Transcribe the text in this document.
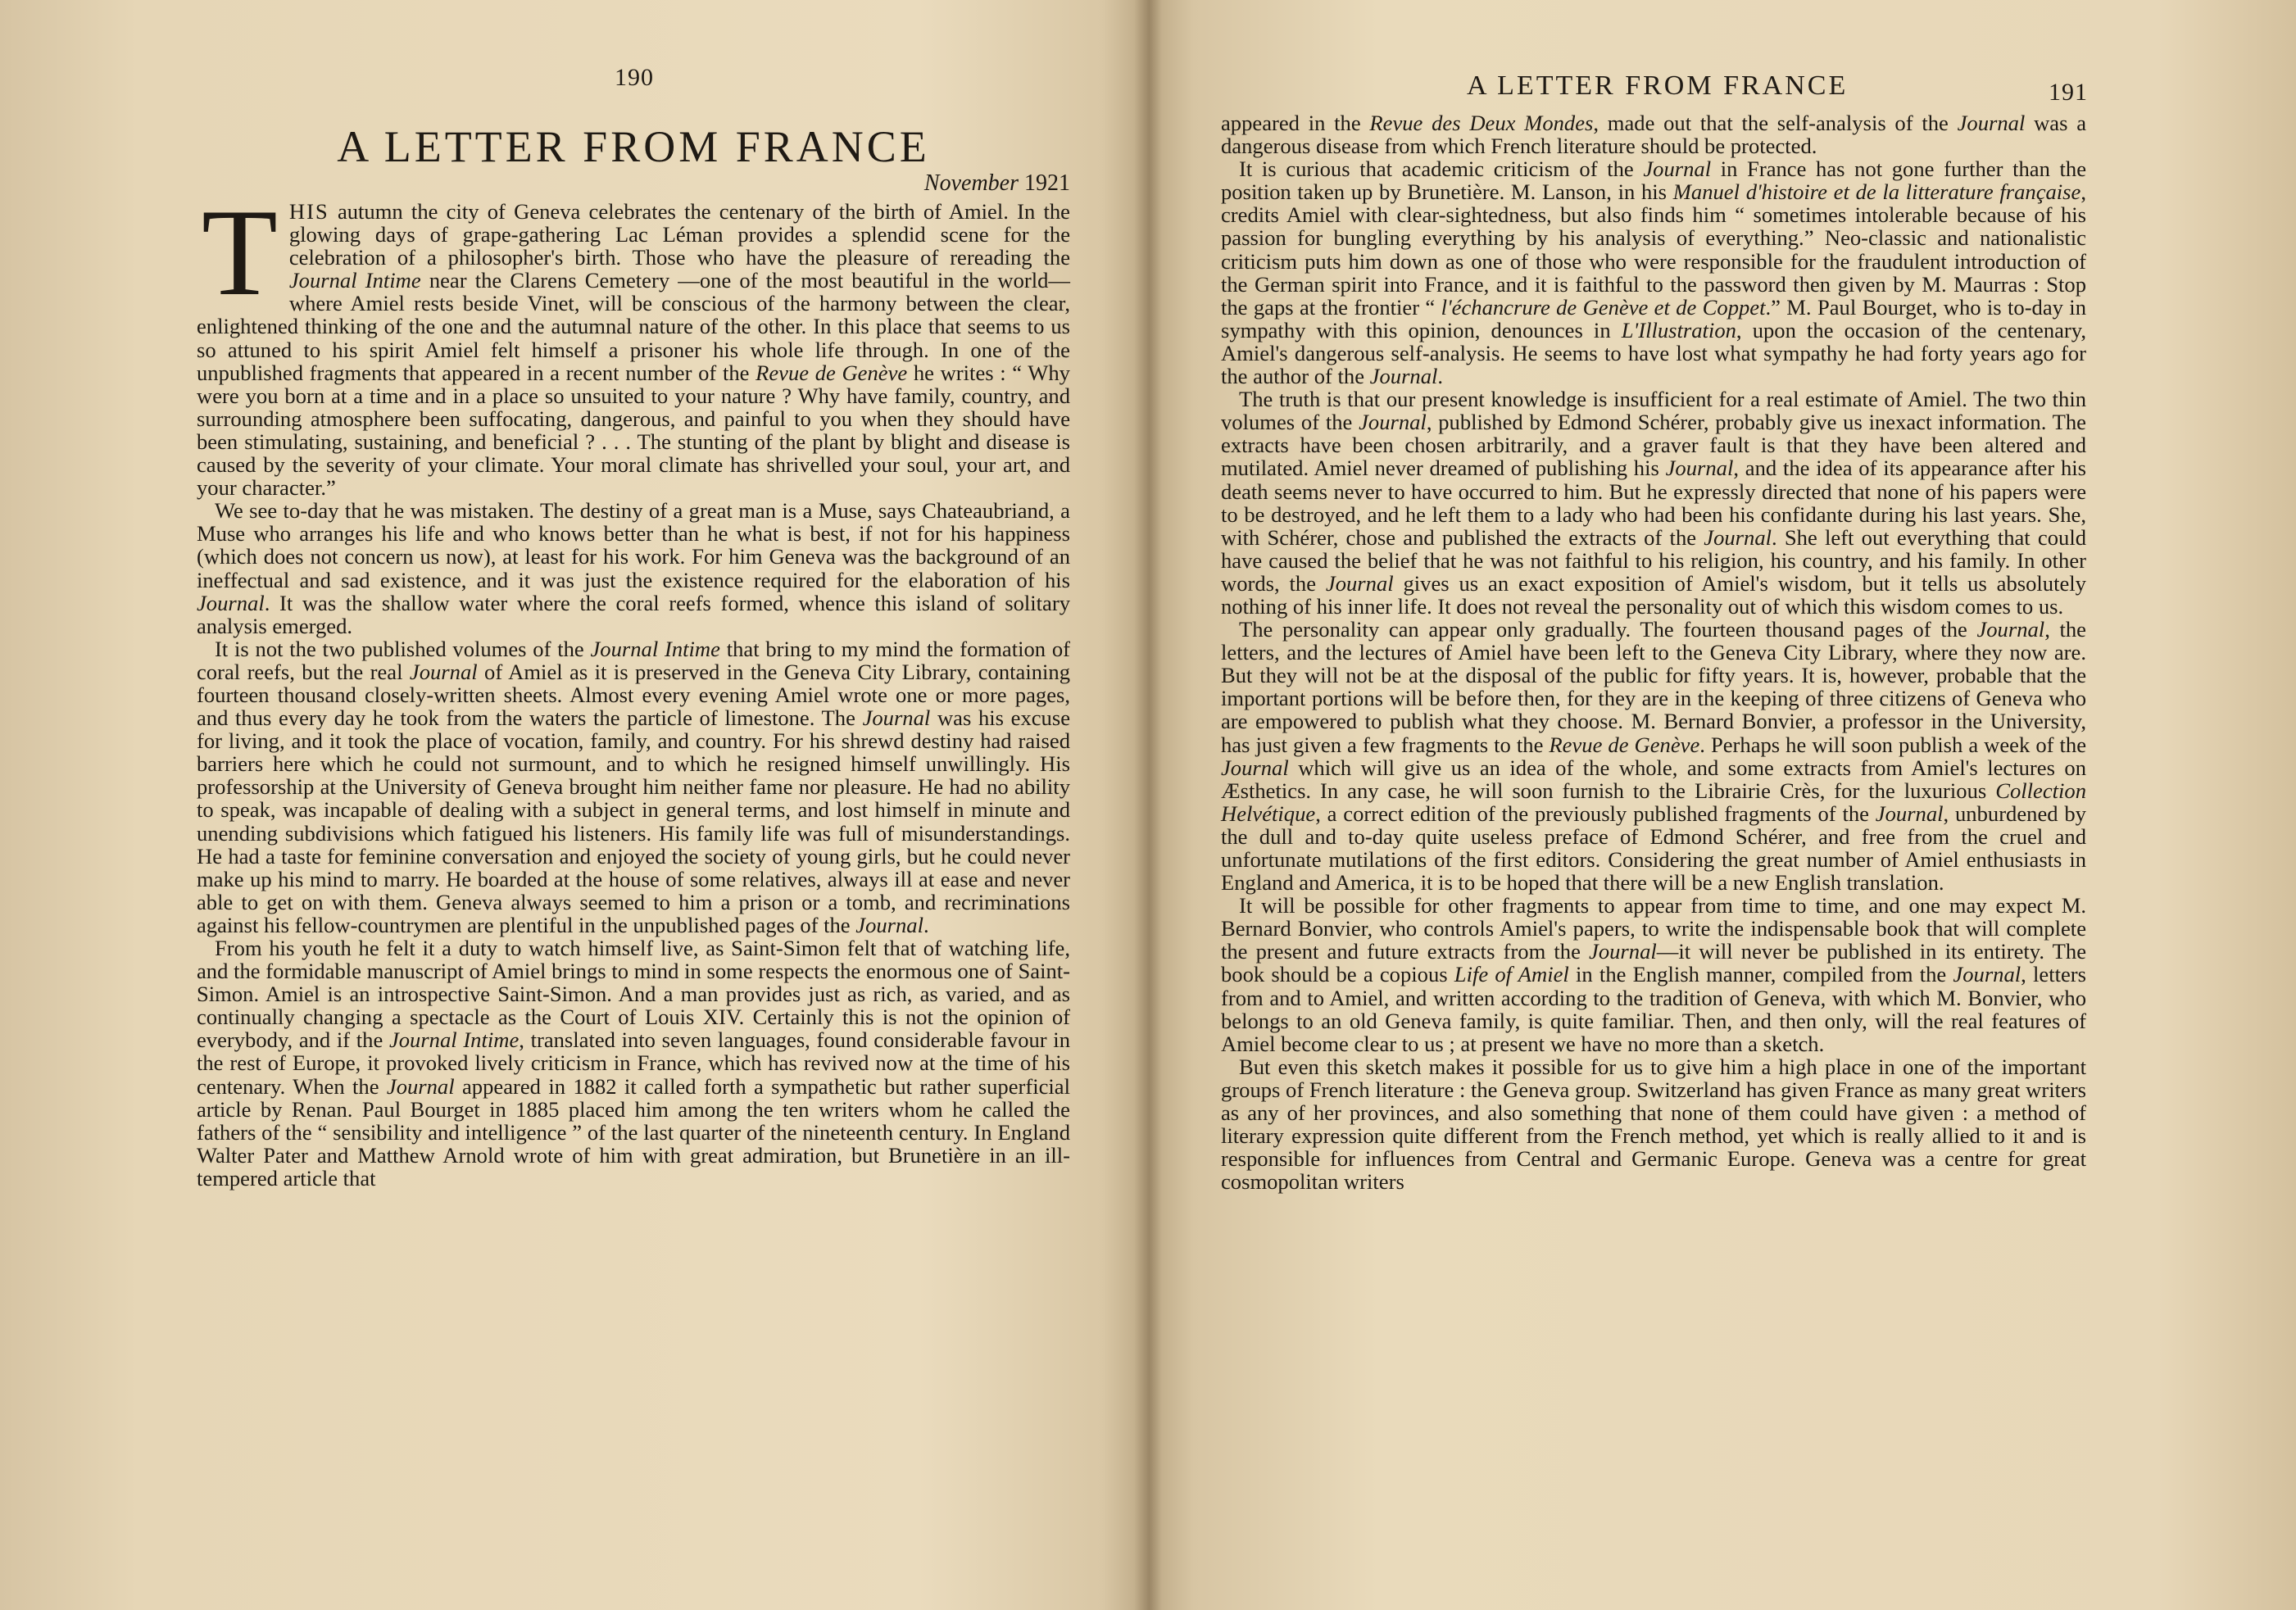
190
A LETTER FROM FRANCE
November 1921

THIS autumn the city of Geneva celebrates the centenary of the birth of Amiel. In the glowing days of grape-gathering Lac Léman provides a splendid scene for the celebration of a philosopher's birth. Those who have the pleasure of rereading the Journal Intime near the Clarens Cemetery —one of the most beautiful in the world—where Amiel rests beside Vinet, will be conscious of the harmony between the clear, enlightened thinking of the one and the autumnal nature of the other. In this place that seems to us so attuned to his spirit Amiel felt himself a prisoner his whole life through. In one of the unpublished fragments that appeared in a recent number of the Revue de Genève he writes : “ Why were you born at a time and in a place so unsuited to your nature ? Why have family, country, and surrounding atmosphere been suffocating, dangerous, and painful to you when they should have been stimulating, sustaining, and beneficial ? . . . The stunting of the plant by blight and disease is caused by the severity of your climate. Your moral climate has shrivelled your soul, your art, and your character.”

We see to-day that he was mistaken. The destiny of a great man is a Muse, says Chateaubriand, a Muse who arranges his life and who knows better than he what is best, if not for his happiness (which does not concern us now), at least for his work. For him Geneva was the background of an ineffectual and sad existence, and it was just the existence required for the elaboration of his Journal. It was the shallow water where the coral reefs formed, whence this island of solitary analysis emerged.

It is not the two published volumes of the Journal Intime that bring to my mind the formation of coral reefs, but the real Journal of Amiel as it is preserved in the Geneva City Library, containing fourteen thousand closely-written sheets. Almost every evening Amiel wrote one or more pages, and thus every day he took from the waters the particle of limestone. The Journal was his excuse for living, and it took the place of vocation, family, and country. For his shrewd destiny had raised barriers here which he could not surmount, and to which he resigned himself unwillingly. His professorship at the University of Geneva brought him neither fame nor pleasure. He had no ability to speak, was incapable of dealing with a subject in general terms, and lost himself in minute and unending subdivisions which fatigued his listeners. His family life was full of misunderstandings. He had a taste for feminine conversation and enjoyed the society of young girls, but he could never make up his mind to marry. He boarded at the house of some relatives, always ill at ease and never able to get on with them. Geneva always seemed to him a prison or a tomb, and recriminations against his fellow-countrymen are plentiful in the unpublished pages of the Journal.

From his youth he felt it a duty to watch himself live, as Saint-Simon felt that of watching life, and the formidable manuscript of Amiel brings to mind in some respects the enormous one of Saint-Simon. Amiel is an introspective Saint-Simon. And a man provides just as rich, as varied, and as continually changing a spectacle as the Court of Louis XIV. Certainly this is not the opinion of everybody, and if the Journal Intime, translated into seven languages, found considerable favour in the rest of Europe, it provoked lively criticism in France, which has revived now at the time of his centenary. When the Journal appeared in 1882 it called forth a sympathetic but rather superficial article by Renan. Paul Bourget in 1885 placed him among the ten writers whom he called the fathers of the “ sensibility and intelligence ” of the last quarter of the nineteenth century. In England Walter Pater and Matthew Arnold wrote of him with great admiration, but Brunetière in an ill-tempered article that

A LETTER FROM FRANCE	191

appeared in the Revue des Deux Mondes, made out that the self-analysis of the Journal was a dangerous disease from which French literature should be protected.

It is curious that academic criticism of the Journal in France has not gone further than the position taken up by Brunetière. M. Lanson, in his Manuel d'histoire et de la litterature française, credits Amiel with clear-sightedness, but also finds him “ sometimes intolerable because of his passion for bungling everything by his analysis of everything.” Neo-classic and nationalistic criticism puts him down as one of those who were responsible for the fraudulent introduction of the German spirit into France, and it is faithful to the password then given by M. Maurras : Stop the gaps at the frontier “ l'échancrure de Genève et de Coppet.” M. Paul Bourget, who is to-day in sympathy with this opinion, denounces in L'Illustration, upon the occasion of the centenary, Amiel's dangerous self-analysis. He seems to have lost what sympathy he had forty years ago for the author of the Journal.

The truth is that our present knowledge is insufficient for a real estimate of Amiel. The two thin volumes of the Journal, published by Edmond Schérer, probably give us inexact information. The extracts have been chosen arbitrarily, and a graver fault is that they have been altered and mutilated. Amiel never dreamed of publishing his Journal, and the idea of its appearance after his death seems never to have occurred to him. But he expressly directed that none of his papers were to be destroyed, and he left them to a lady who had been his confidante during his last years. She, with Schérer, chose and published the extracts of the Journal. She left out everything that could have caused the belief that he was not faithful to his religion, his country, and his family. In other words, the Journal gives us an exact exposition of Amiel's wisdom, but it tells us absolutely nothing of his inner life. It does not reveal the personality out of which this wisdom comes to us.

The personality can appear only gradually. The fourteen thousand pages of the Journal, the letters, and the lectures of Amiel have been left to the Geneva City Library, where they now are. But they will not be at the disposal of the public for fifty years. It is, however, probable that the important portions will be before then, for they are in the keeping of three citizens of Geneva who are empowered to publish what they choose. M. Bernard Bonvier, a professor in the University, has just given a few fragments to the Revue de Genève. Perhaps he will soon publish a week of the Journal which will give us an idea of the whole, and some extracts from Amiel's lectures on Æsthetics. In any case, he will soon furnish to the Librairie Crès, for the luxurious Collection Helvétique, a correct edition of the previously published fragments of the Journal, unburdened by the dull and to-day quite useless preface of Edmond Schérer, and free from the cruel and unfortunate mutilations of the first editors. Considering the great number of Amiel enthusiasts in England and America, it is to be hoped that there will be a new English translation.

It will be possible for other fragments to appear from time to time, and one may expect M. Bernard Bonvier, who controls Amiel's papers, to write the indispensable book that will complete the present and future extracts from the Journal—it will never be published in its entirety. The book should be a copious Life of Amiel in the English manner, compiled from the Journal, letters from and to Amiel, and written according to the tradition of Geneva, with which M. Bonvier, who belongs to an old Geneva family, is quite familiar. Then, and then only, will the real features of Amiel become clear to us ; at present we have no more than a sketch.

But even this sketch makes it possible for us to give him a high place in one of the important groups of French literature : the Geneva group. Switzerland has given France as many great writers as any of her provinces, and also something that none of them could have given : a method of literary expression quite different from the French method, yet which is really allied to it and is responsible for influences from Central and Germanic Europe. Geneva was a centre for great cosmopolitan writers
